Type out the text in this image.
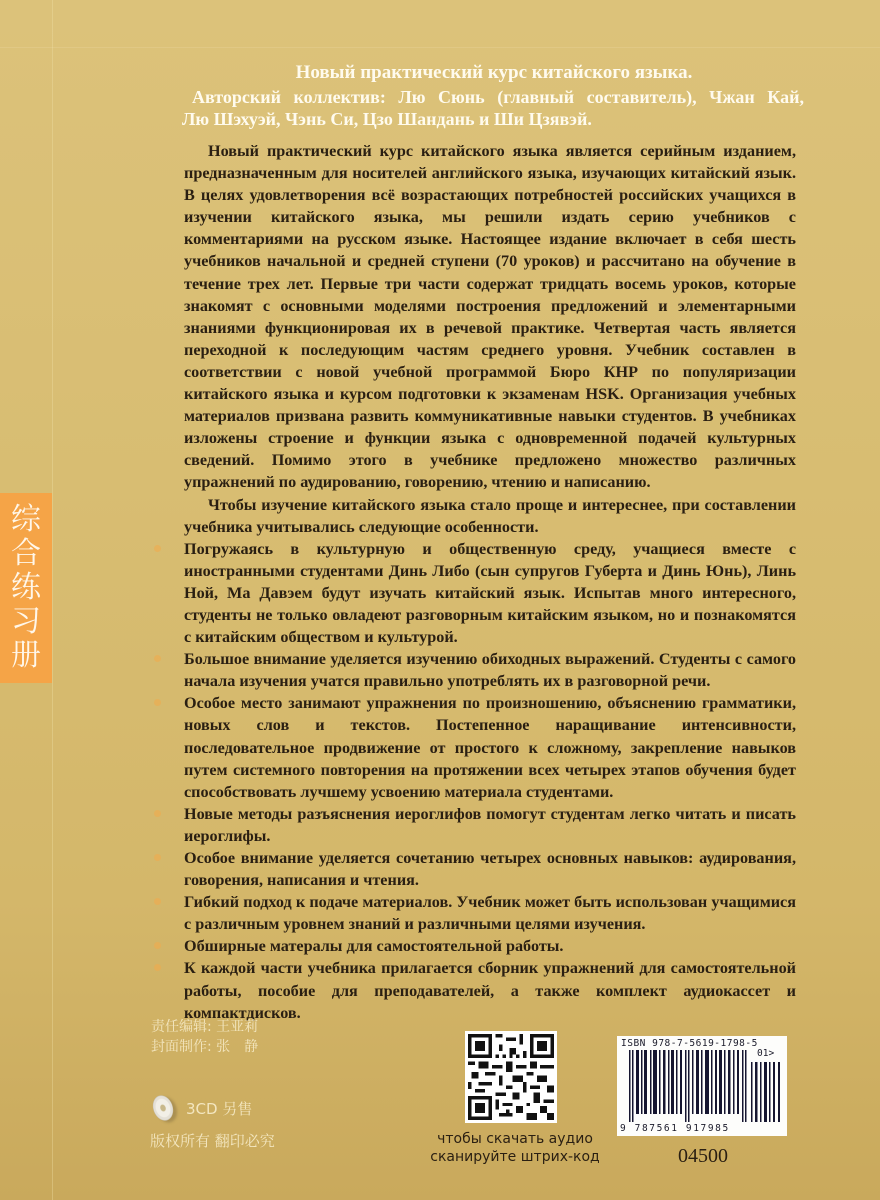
综
合
练
习
册
Новый практический курс китайского языка.
Авторский коллектив: Лю Сюнь (главный составитель), Чжан Кай,
Лю Шэхуэй, Чэнь Си, Цзо Шандань и Ши Цзявэй.

Новый практический курс китайского языка является серийным изданием, предназначенным для носителей английского языка, изучающих китайский язык. В целях удовлетворения всё возрастающих потребностей российских учащихся в изучении китайского языка, мы решили издать серию учебников с комментариями на русском языке. Настоящее издание включает в себя шесть учебников начальной и средней ступени (70 уроков) и рассчитано на обучение в течение трех лет. Первые три части содержат тридцать восемь уроков, которые знакомят с основными моделями построения предложений и элементарными знаниями функционировая их в речевой практике. Четвертая часть является переходной к последующим частям среднего уровня. Учебник составлен в соответствии с новой учебной программой Бюро КНР по популяризации китайского языка и курсом подготовки к экзаменам HSK. Организация учебных материалов призвана развить коммуникативные навыки студентов. В учебниках изложены строение и функции языка с одновременной подачей культурных сведений. Помимо этого в учебнике предложено множество различных упражнений по аудированию, говорению, чтению и написанию.

Чтобы изучение китайского языка стало проще и интереснее, при составлении учебника учитывались следующие особенности.

Погружаясь в культурную и общественную среду, учащиеся вместе с иностранными студентами Динь Либо (сын супругов Губерта и Динь Юнь), Линь Ной, Ма Давэем будут изучать китайский язык. Испытав много интересного, студенты не только овладеют разговорным китайским языком, но и познакомятся с китайским обществом и культурой.
Большое внимание уделяется изучению обиходных выражений. Студенты с самого начала изучения учатся правильно употреблять их в разговорной речи.
Особое место занимают упражнения по произношению, объяснению грамматики, новых слов и текстов. Постепенное наращивание интенсивности, последовательное продвижение от простого к сложному, закрепление навыков путем системного повторения на протяжении всех четырех этапов обучения будет способствовать лучшему усвоению материала студентами.
Новые методы разъяснения иероглифов помогут студентам легко читать и писать иероглифы.
Особое внимание уделяется сочетанию четырех основных навыков: аудирования, говорения, написания и чтения.
Гибкий подход к подаче материалов. Учебник может быть использован учащимися с различным уровнем знаний и различными целями изучения.
Обширные матерaлы для самостоятельной работы.
К каждой части учебника прилагается сборник упражнений для самостоятельной работы, пособие для преподавателей, а также комплект аудиокассет и компактдисков.
责任编辑: 王亚莉
封面制作: 张　静
3CD 另售
版权所有 翻印必究	чтобы скачать аудио
сканируйте штрих-код
ISBN 978-7-5619-1798-5
01>
9 787561 917985
04500
